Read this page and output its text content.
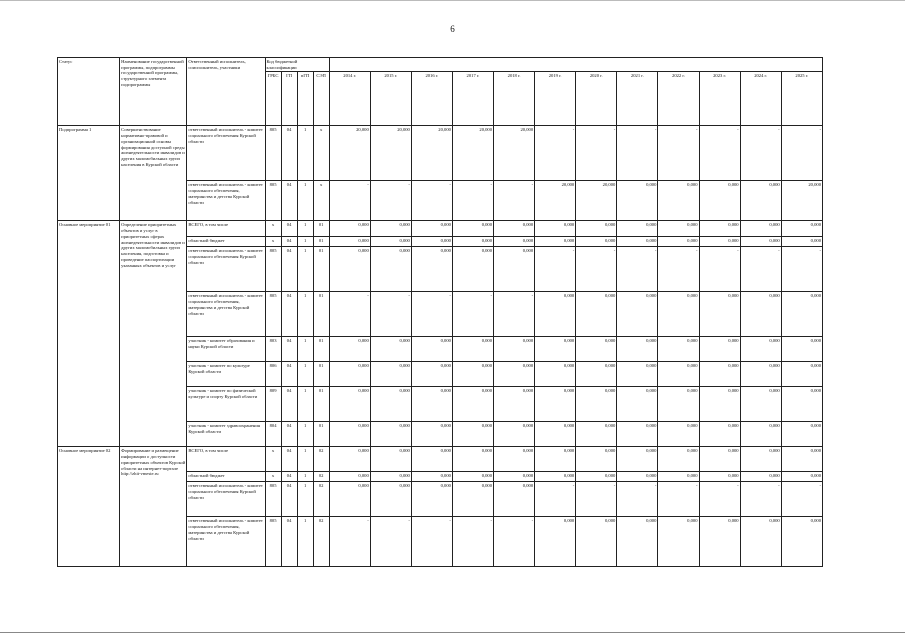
6
Статус	Наименование государственной программы, подпрограммы государственной программы, структурного элемента подпрограммы	Ответственный исполнитель, соисполнитель, участники	Код бюджетной классификации															
			ГРБС	ГП	пГП	СЭП	2014 г.	2015 г.	2016 г.	2017 г.	2018 г.	2019 г.	2020 г.	2021 г.	2022 г.	2023 г.	2024 г.	2025 г.
Подпрограмма 1	Совершенствование нормативно-правовой и организационной основы формирования доступной среды жизнедеятельности инвалидов и других маломобильных групп населения в Курской области	ответственный исполнитель - комитет социального обеспечения Курской области	805	04	1	х	20,000	20,000	20,000	20,000	20,000	-	-	-	-	-	-	-
		ответственный исполнитель - комитет социального обеспечения, материнства и детства Курской области	805	04	1	х	-	-	-	-	-	20,000	20,000	0,000	0,000	0,000	0,000	20,000
Основное мероприятие 01	Определение приоритетных объектов и услуг в приоритетных сферах жизнедеятельности инвалидов и других маломобильных групп населения, подготовка и проведение паспортизации указанных объектов и услуг	ВСЕГО, в том числе	х	04	1	01	0,000	0,000	0,000	0,000	0,000	0,000	0,000	0,000	0,000	0,000	0,000	0,000
		областной бюджет	х	04	1	01	0,000	0,000	0,000	0,000	0,000	0,000	0,000	0,000	0,000	0,000	0,000	0,000
		ответственный исполнитель - комитет социального обеспечения Курской области	805	04	1	01	0,000	0,000	0,000	0,000	0,000	-	-	-	-	-	-	-
		ответственный исполнитель - комитет социального обеспечения, материнства и детства Курской области	805	04	1	01	-	-	-	-	-	0,000	0,000	0,000	0,000	0,000	0,000	0,000
		участник - комитет образования и науки Курской области	803	04	1	01	0,000	0,000	0,000	0,000	0,000	0,000	0,000	0,000	0,000	0,000	0,000	0,000
		участник - комитет по культуре Курской области	806	04	1	01	0,000	0,000	0,000	0,000	0,000	0,000	0,000	0,000	0,000	0,000	0,000	0,000
		участник - комитет по физической культуре и спорту Курской области	809	04	1	01	0,000	0,000	0,000	0,000	0,000	0,000	0,000	0,000	0,000	0,000	0,000	0,000
		участник - комитет здравоохранения Курской области	804	04	1	01	0,000	0,000	0,000	0,000	0,000	0,000	0,000	0,000	0,000	0,000	0,000	0,000
Основное мероприятие 02	Формирование и размещение информации о доступности приоритетных объектов Курской области на интернет-портале http://zhit-vmeste.ru	ВСЕГО, в том числе	х	04	1	02	0,000	0,000	0,000	0,000	0,000	0,000	0,000	0,000	0,000	0,000	0,000	0,000
		областной бюджет	х	04	1	02	0,000	0,000	0,000	0,000	0,000	0,000	0,000	0,000	0,000	0,000	0,000	0,000
		ответственный исполнитель - комитет социального обеспечения Курской области	805	04	1	02	0,000	0,000	0,000	0,000	0,000	-	-	-	-	-	-	-
		ответственный исполнитель - комитет социального обеспечения, материнства и детства Курской области	805	04	1	02	-	-	-	-	-	0,000	0,000	0,000	0,000	0,000	0,000	0,000
